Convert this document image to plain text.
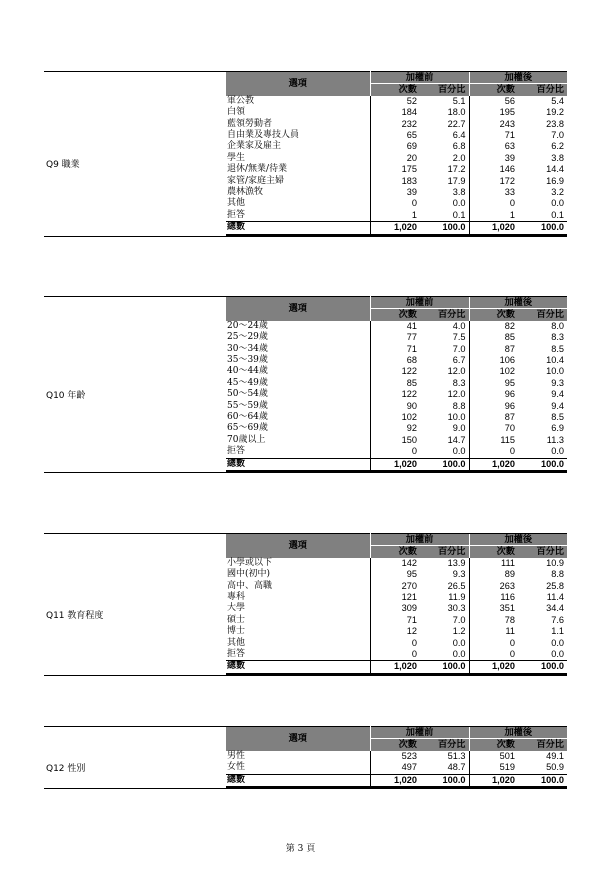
Q9 職業
選項	加權前		加權後	
	次數	百分比	次數	百分比
軍公教	52	5.1	56	5.4
白領	184	18.0	195	19.2
藍領勞動者	232	22.7	243	23.8
自由業及專技人員	65	6.4	71	7.0
企業家及雇主	69	6.8	63	6.2
學生	20	2.0	39	3.8
退休/無業/待業	175	17.2	146	14.4
家管/家庭主婦	183	17.9	172	16.9
農林漁牧	39	3.8	33	3.2
其他	0	0.0	0	0.0
拒答	1	0.1	1	0.1
總數	1,020	100.0	1,020	100.0
Q10 年齡
選項	加權前		加權後	
	次數	百分比	次數	百分比
20～24歲	41	4.0	82	8.0
25～29歲	77	7.5	85	8.3
30～34歲	71	7.0	87	8.5
35～39歲	68	6.7	106	10.4
40～44歲	122	12.0	102	10.0
45～49歲	85	8.3	95	9.3
50～54歲	122	12.0	96	9.4
55～59歲	90	8.8	96	9.4
60～64歲	102	10.0	87	8.5
65～69歲	92	9.0	70	6.9
70歲以上	150	14.7	115	11.3
拒答	0	0.0	0	0.0
總數	1,020	100.0	1,020	100.0
Q11 教育程度
選項	加權前		加權後	
	次數	百分比	次數	百分比
小學或以下	142	13.9	111	10.9
國中(初中)	95	9.3	89	8.8
高中、高職	270	26.5	263	25.8
專科	121	11.9	116	11.4
大學	309	30.3	351	34.4
碩士	71	7.0	78	7.6
博士	12	1.2	11	1.1
其他	0	0.0	0	0.0
拒答	0	0.0	0	0.0
總數	1,020	100.0	1,020	100.0
Q12 性別
選項	加權前		加權後	
	次數	百分比	次數	百分比
男性	523	51.3	501	49.1
女性	497	48.7	519	50.9
總數	1,020	100.0	1,020	100.0
第 3 頁
